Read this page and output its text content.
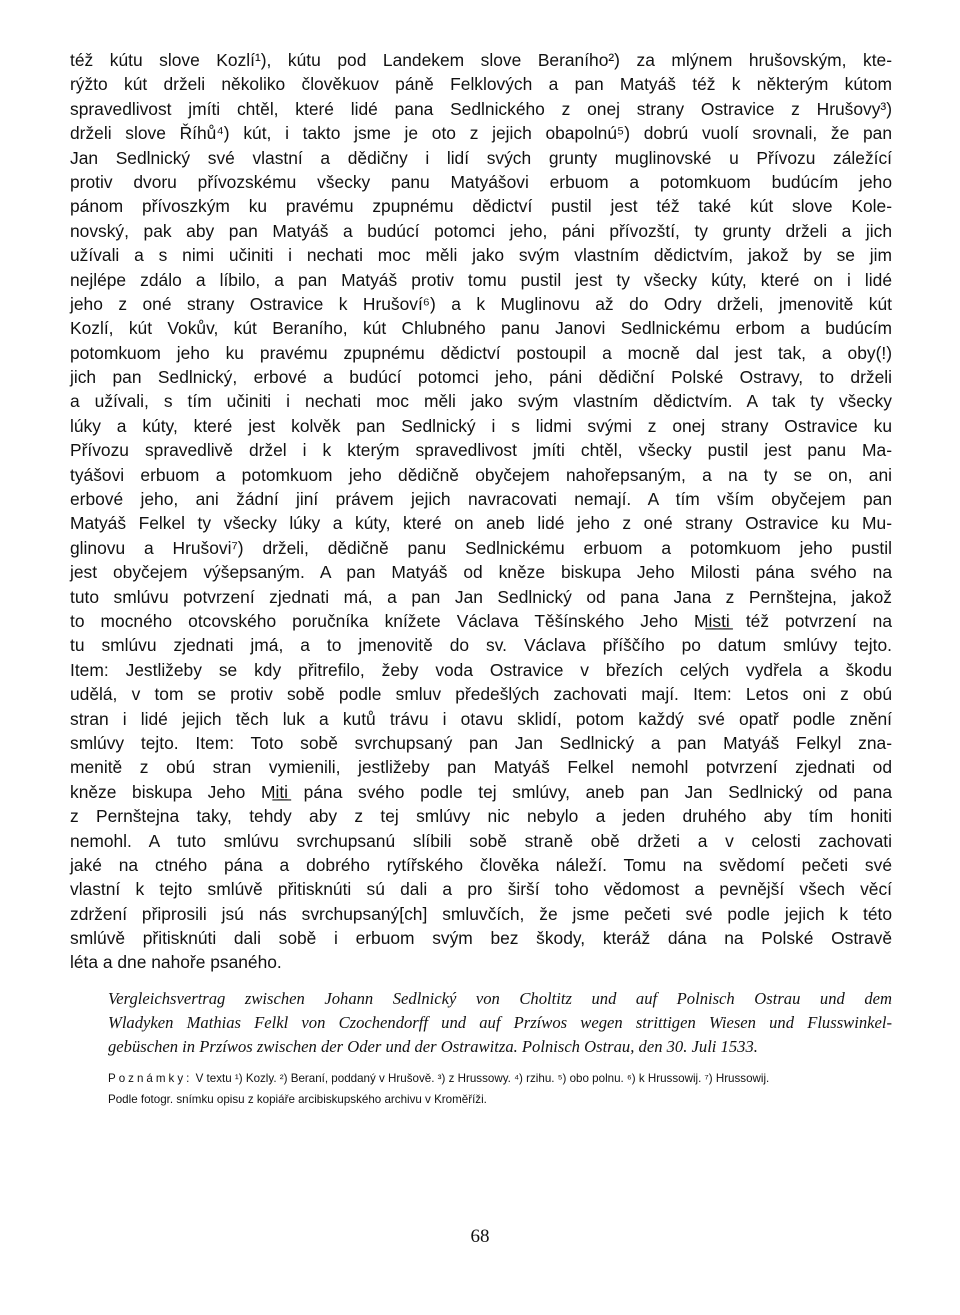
též kútu slove Kozlí¹), kútu pod Landekem slove Beraního²) za mlýnem hrušovským, kte-
rýžto kút drželi několiko člověkuov páně Felklových a pan Matyáš též k některým kútom
spravedlivost jmíti chtěl, které lidé pana Sedlnického z onej strany Ostravice z Hrušovy³)
drželi slove Říhů⁴) kút, i takto jsme je oto z jejich obapolnú⁵) dobrú vuolí srovnali, že pan
Jan Sedlnický své vlastní a dědičny i lidí svých grunty muglinovské u Přívozu záležící
protiv dvoru přívozskému všecky panu Matyášovi erbuom a potomkuom budúcím jeho
pánom přívoszkým ku pravému zpupnému dědictví pustil jest též také kút slove Kole-
novský, pak aby pan Matyáš a budúcí potomci jeho, páni přívozští, ty grunty drželi a jich
užívali a s nimi učiniti i nechati moc měli jako svým vlastním dědictvím, jakož by se jim
nejlépe zdálo a líbilo, a pan Matyáš protiv tomu pustil jest ty všecky kúty, které on i lidé
jeho z oné strany Ostravice k Hrušoví⁶) a k Muglinovu až do Odry drželi, jmenovitě kút
Kozlí, kút Vokův, kút Beraního, kút Chlubného panu Janovi Sedlnickému erbom a budúcím
potomkuom jeho ku pravému zpupnému dědictví postoupil a mocně dal jest tak, a oby(!)
jich pan Sedlnický, erbové a budúcí potomci jeho, páni dědiční Polské Ostravy, to drželi
a užívali, s tím učiniti i nechati moc měli jako svým vlastním dědictvím. A tak ty všecky
lúky a kúty, které jest kolvěk pan Sedlnický i s lidmi svými z onej strany Ostravice ku
Přívozu spravedlivě držel i k kterým spravedlivost jmíti chtěl, všecky pustil jest panu Ma-
tyášovi erbuom a potomkuom jeho dědičně obyčejem nahořepsaným, a na ty se on, ani
erbové jeho, ani žádní jiní právem jejich navracovati nemají. A tím vším obyčejem pan
Matyáš Felkel ty všecky lúky a kúty, které on aneb lidé jeho z oné strany Ostravice ku Mu-
glinovu a Hrušovi⁷) drželi, dědičně panu Sedlnickému erbuom a potomkuom jeho pustil
jest obyčejem výšepsaným. A pan Matyáš od kněze biskupa Jeho Milosti pána svého na
tuto smlúvu potvrzení zjednati má, a pan Jan Sedlnický od pana Jana z Pernštejna, jakož
to mocného otcovského poručníka knížete Václava Těšínského Jeho Mi̲s̲t̲i̲ též potvrzení na
tu smlúvu zjednati jmá, a to jmenovitě do sv. Václava příščího po datum smlúvy tejto.
Item: Jestližeby se kdy přitrefilo, žeby voda Ostravice v březích celých vydřela a škodu
udělá, v tom se protiv sobě podle smluv předešlých zachovati mají. Item: Letos oni z obú
stran i lidé jejich těch luk a kutů trávu i otavu sklidí, potom každý své opatř podle znění
smlúvy tejto. Item: Toto sobě svrchupsaný pan Jan Sedlnický a pan Matyáš Felkyl zna-
menitě z obú stran vymienili, jestližeby pan Matyáš Felkel nemohl potvrzení zjednati od
kněze biskupa Jeho Mi̲t̲i̲ pána svého podle tej smlúvy, aneb pan Jan Sedlnický od pana
z Pernštejna taky, tehdy aby z tej smlúvy nic nebylo a jeden druhého aby tím honiti
nemohl. A tuto smlúvu svrchupsanú slíbili sobě straně obě držeti a v celosti zachovati
jaké na ctného pána a dobrého rytířského člověka náleží. Tomu na svědomí pečeti své
vlastní k tejto smlúvě přitisknúti sú dali a pro širší toho vědomost a pevnější všech věcí
zdržení připrosili jsú nás svrchupsaný[ch] smluvčích, že jsme pečeti své podle jejich k této
smlúvě přitisknúti dali sobě i erbuom svým bez škody, kteráž dána na Polské Ostravě
léta a dne nahoře psaného.
Vergleichsvertrag zwischen Johann Sedlnický von Choltitz und auf Polnisch Ostrau und dem
Wladyken Mathias Felkl von Czochendorff und auf Przíwos wegen strittigen Wiesen und Flusswinkel-
gebüschen in Przíwos zwischen der Oder und der Ostrawitza. Polnisch Ostrau, den 30. Juli 1533.
Poznámky: V textu ¹) Kozly. ²) Beraní, poddaný v Hrušově. ³) z Hrussowy. ⁴) rzihu. ⁵) obo polnu. ⁶) k Hrussowij. ⁷) Hrussowij.
Podle fotogr. snímku opisu z kopiáře arcibiskupského archivu v Kroměříži.
68
